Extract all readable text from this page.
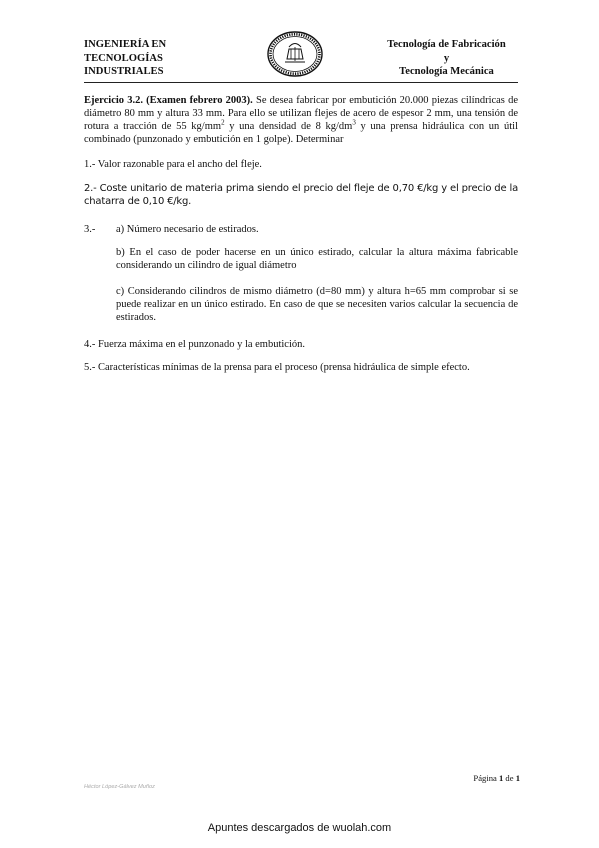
INGENIERÍA EN
TECNOLOGÍAS
INDUSTRIALES
Tecnología de Fabricación
y
Tecnología Mecánica
Ejercicio 3.2. (Examen febrero 2003). Se desea fabricar por embutición 20.000 piezas cilíndricas de diámetro 80 mm y altura 33 mm. Para ello se utilizan flejes de acero de espesor 2 mm, una tensión de rotura a tracción de 55 $kg/mm^2$ y una densidad de 8 $kg/dm^3$ y una prensa hidráulica con un útil combinado (punzonado y embutición en 1 golpe). Determinar
1.- Valor razonable para el ancho del fleje.
2.- Coste unitario de materia prima siendo el precio del fleje de 0,70 €/kg y el precio de la chatarra de 0,10 €/kg.
3.-	a) Número necesario de estirados.
b) En el caso de poder hacerse en un único estirado, calcular la altura máxima fabricable considerando un cilindro de igual diámetro
c) Considerando cilindros de mismo diámetro (d=80 mm) y altura h=65 mm comprobar si se puede realizar en un único estirado. En caso de que se necesiten varios calcular la secuencia de estirados.
4.- Fuerza máxima en el punzonado y la embutición.
5.- Características mínimas de la prensa para el proceso (prensa hidráulica de simple efecto.
Página 1 de 1
Héctor López-Gálvez Muñoz
Apuntes descargados de wuolah.com
